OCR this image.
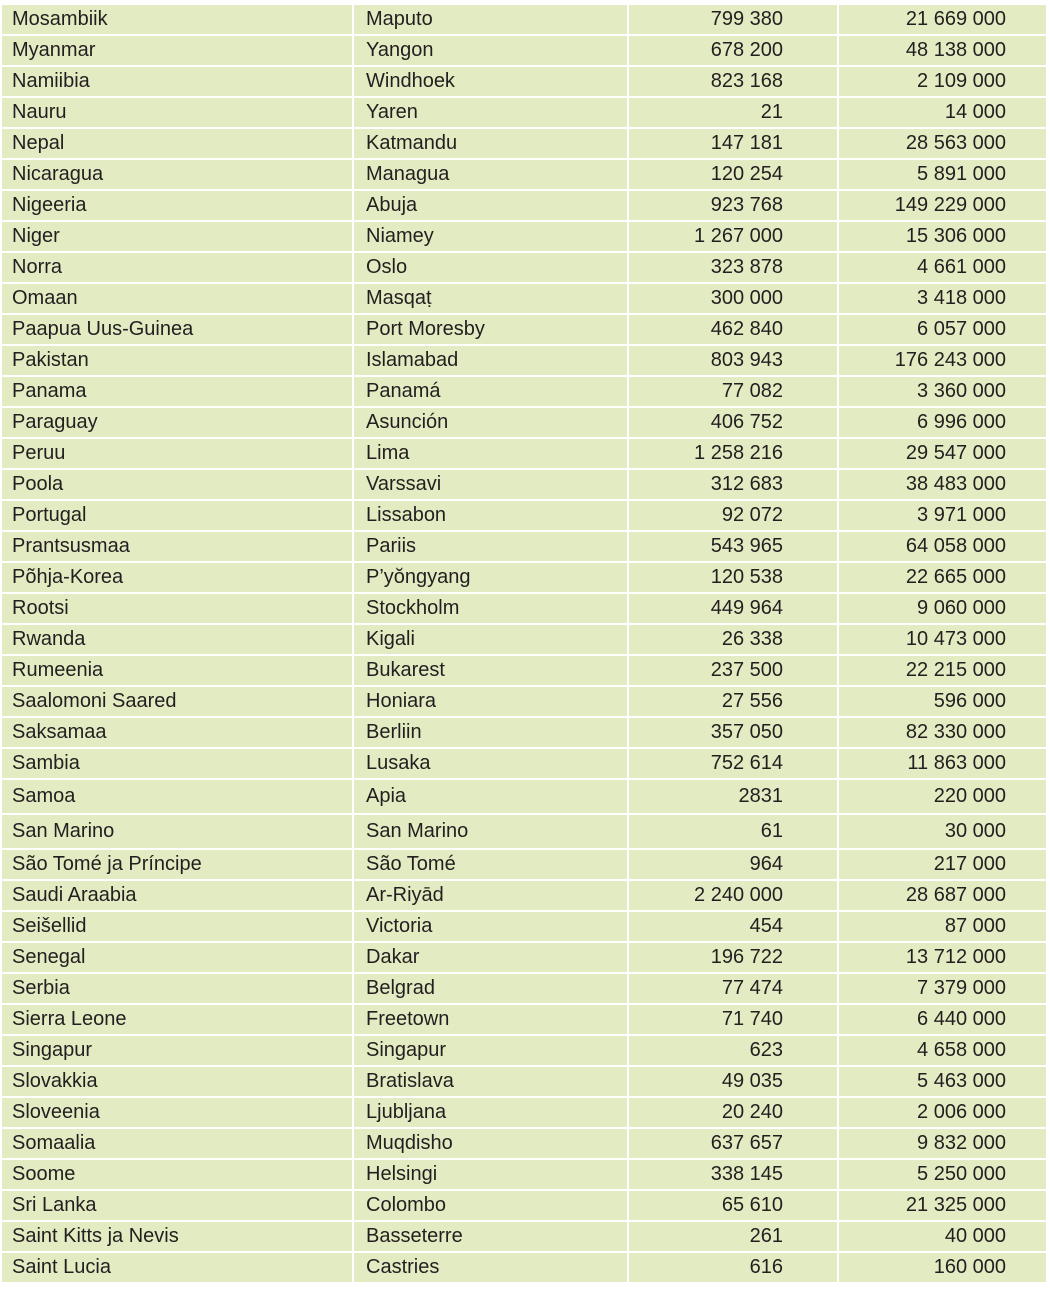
Mosambiik	Maputo	799 380	21 669 000
Myanmar	Yangon	678 200	48 138 000
Namiibia	Windhoek	823 168	2 109 000
Nauru	Yaren	21	14 000
Nepal	Katmandu	147 181	28 563 000
Nicaragua	Managua	120 254	5 891 000
Nigeeria	Abuja	923 768	149 229 000
Niger	Niamey	1 267 000	15 306 000
Norra	Oslo	323 878	4 661 000
Omaan	Masqaṭ	300 000	3 418 000
Paapua Uus-Guinea	Port Moresby	462 840	6 057 000
Pakistan	Islamabad	803 943	176 243 000
Panama	Panamá	77 082	3 360 000
Paraguay	Asunción	406 752	6 996 000
Peruu	Lima	1 258 216	29 547 000
Poola	Varssavi	312 683	38 483 000
Portugal	Lissabon	92 072	3 971 000
Prantsusmaa	Pariis	543 965	64 058 000
Põhja-Korea	P’yŏngyang	120 538	22 665 000
Rootsi	Stockholm	449 964	9 060 000
Rwanda	Kigali	26 338	10 473 000
Rumeenia	Bukarest	237 500	22 215 000
Saalomoni Saared	Honiara	27 556	596 000
Saksamaa	Berliin	357 050	82 330 000
Sambia	Lusaka	752 614	11 863 000
Samoa	Apia	2831	220 000
San Marino	San Marino	61	30 000
São Tomé ja Príncipe	São Tomé	964	217 000
Saudi Araabia	Ar-Riyād	2 240 000	28 687 000
Seišellid	Victoria	454	87 000
Senegal	Dakar	196 722	13 712 000
Serbia	Belgrad	77 474	7 379 000
Sierra Leone	Freetown	71 740	6 440 000
Singapur	Singapur	623	4 658 000
Slovakkia	Bratislava	49 035	5 463 000
Sloveenia	Ljubljana	20 240	2 006 000
Somaalia	Muqdisho	637 657	9 832 000
Soome	Helsingi	338 145	5 250 000
Sri Lanka	Colombo	65 610	21 325 000
Saint Kitts ja Nevis	Basseterre	261	40 000
Saint Lucia	Castries	616	160 000
